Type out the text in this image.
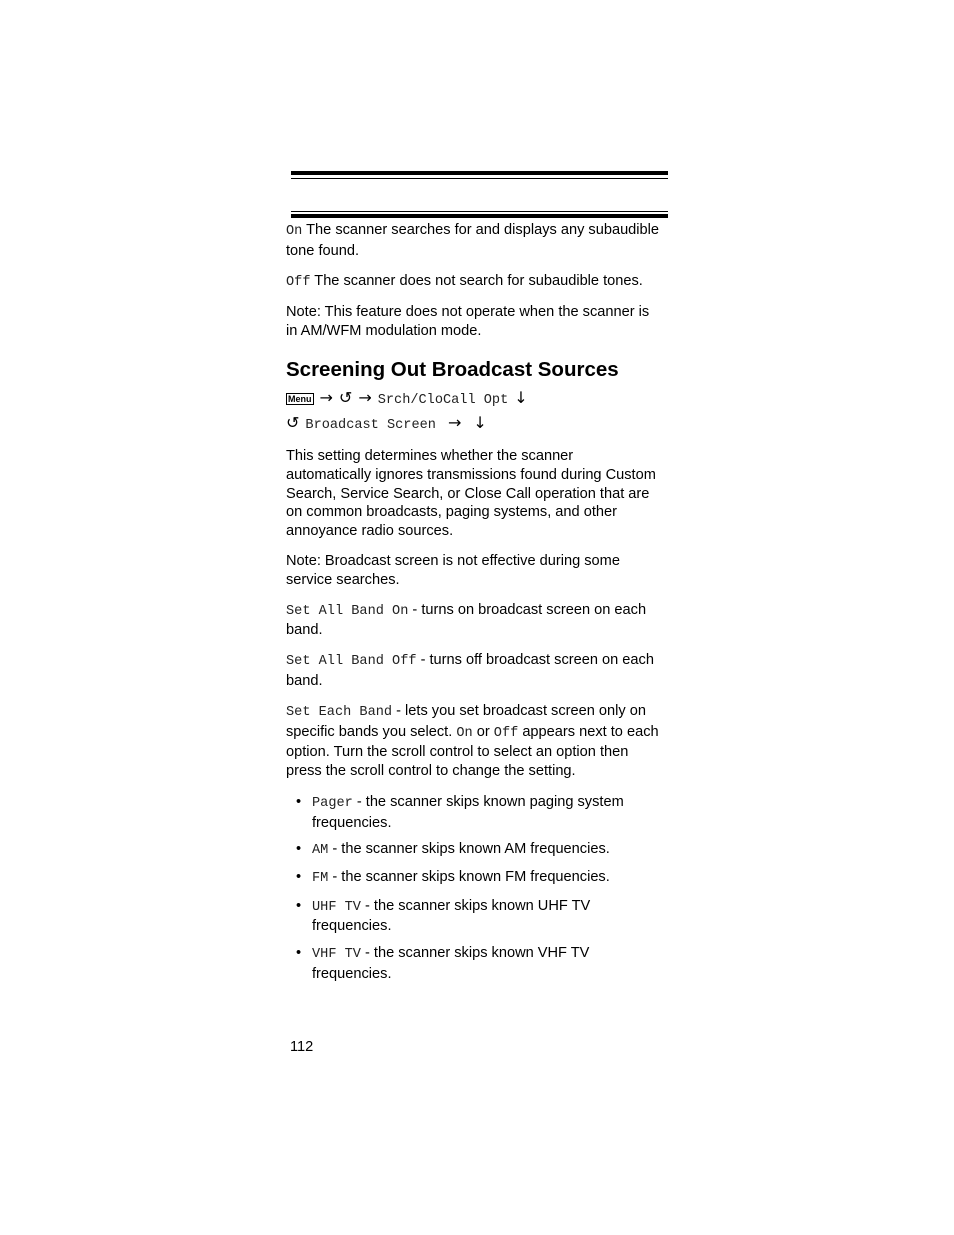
On The scanner searches for and displays any subaudible tone found.

Off The scanner does not search for subaudible tones.

Note: This feature does not operate when the scanner is in AM/WFM modulation mode.

Screening Out Broadcast Sources
Menu → ↺ → Srch/CloCall Opt ↓
↺ Broadcast Screen → ↓

This setting determines whether the scanner automatically ignores transmissions found during Custom Search, Service Search, or Close Call operation that are on common broadcasts, paging systems, and other annoyance radio sources.

Note: Broadcast screen is not effective during some service searches.

Set All Band On - turns on broadcast screen on each band.

Set All Band Off - turns off broadcast screen on each band.

Set Each Band - lets you set broadcast screen only on specific bands you select. On or Off appears next to each option. Turn the scroll control to select an option then press the scroll control to change the setting.

• Pager - the scanner skips known paging system frequencies.
• AM - the scanner skips known AM frequencies.
• FM - the scanner skips known FM frequencies.
• UHF TV - the scanner skips known UHF TV frequencies.
• VHF TV - the scanner skips known VHF TV frequencies.
112
